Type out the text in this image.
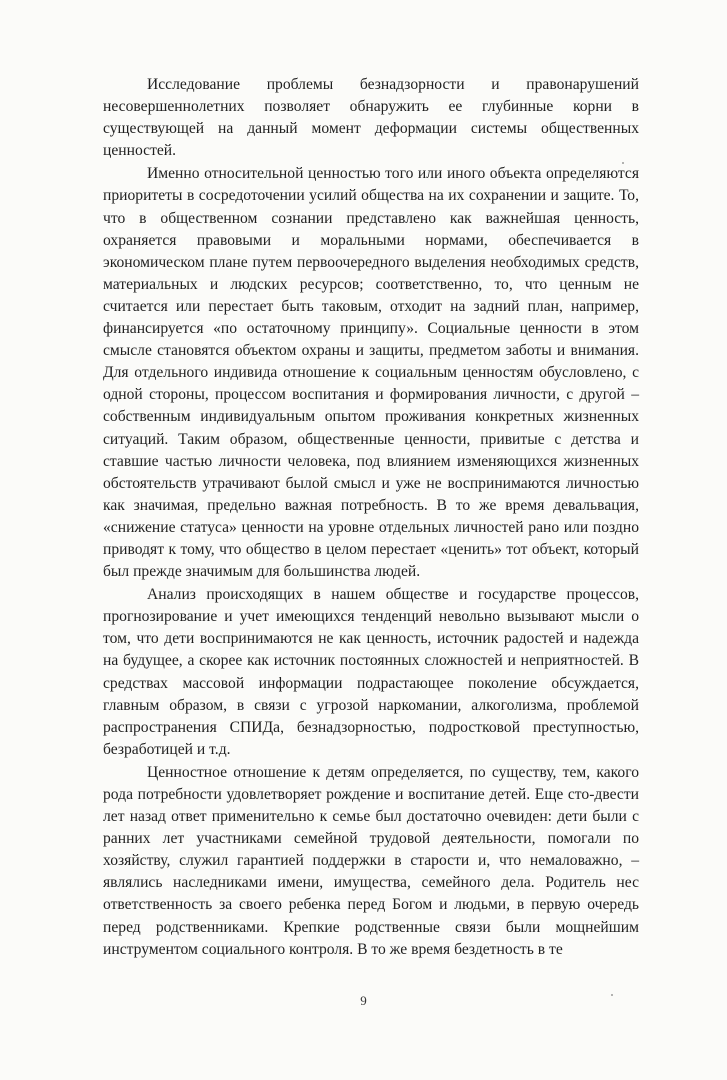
Исследование проблемы безнадзорности и правонарушений несовершеннолетних позволяет обнаружить ее глубинные корни в существующей на данный момент деформации системы общественных ценностей.

Именно относительной ценностью того или иного объекта определяются приоритеты в сосредоточении усилий общества на их сохранении и защите. То, что в общественном сознании представлено как важнейшая ценность, охраняется правовыми и моральными нормами, обеспечивается в экономическом плане путем первоочередного выделения необходимых средств, материальных и людских ресурсов; соответственно, то, что ценным не считается или перестает быть таковым, отходит на задний план, например, финансируется «по остаточному принципу». Социальные ценности в этом смысле становятся объектом охраны и защиты, предметом заботы и внимания. Для отдельного индивида отношение к социальным ценностям обусловлено, с одной стороны, процессом воспитания и формирования личности, с другой – собственным индивидуальным опытом проживания конкретных жизненных ситуаций. Таким образом, общественные ценности, привитые с детства и ставшие частью личности человека, под влиянием изменяющихся жизненных обстоятельств утрачивают былой смысл и уже не воспринимаются личностью как значимая, предельно важная потребность. В то же время девальвация, «снижение статуса» ценности на уровне отдельных личностей рано или поздно приводят к тому, что общество в целом перестает «ценить» тот объект, который был прежде значимым для большинства людей.

Анализ происходящих в нашем обществе и государстве процессов, прогнозирование и учет имеющихся тенденций невольно вызывают мысли о том, что дети воспринимаются не как ценность, источник радостей и надежда на будущее, а скорее как источник постоянных сложностей и неприятностей. В средствах массовой информации подрастающее поколение обсуждается, главным образом, в связи с угрозой наркомании, алкоголизма, проблемой распространения СПИДа, безнадзорностью, подростковой преступностью, безработицей и т.д.

Ценностное отношение к детям определяется, по существу, тем, какого рода потребности удовлетворяет рождение и воспитание детей. Еще сто-двести лет назад ответ применительно к семье был достаточно очевиден: дети были с ранних лет участниками семейной трудовой деятельности, помогали по хозяйству, служил гарантией поддержки в старости и, что немаловажно, – являлись наследниками имени, имущества, семейного дела. Родитель нес ответственность за своего ребенка перед Богом и людьми, в первую очередь перед родственниками. Крепкие родственные связи были мощнейшим инструментом социального контроля. В то же время бездетность в те

9
